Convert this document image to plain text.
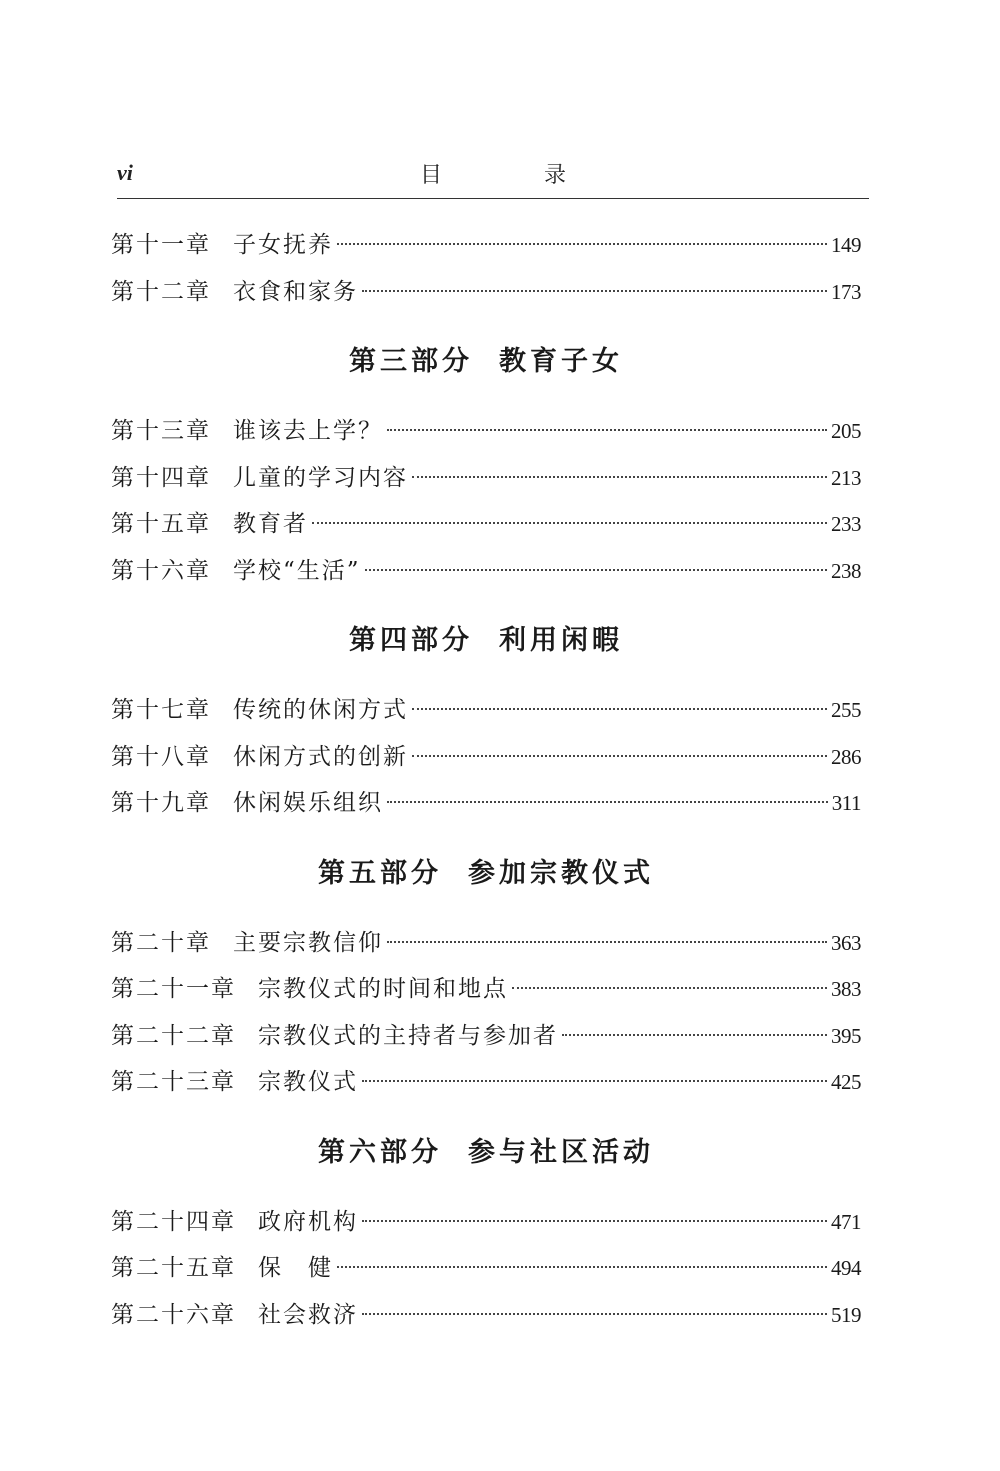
vi	目　录
第十一章 子女抚养	149
第十二章 衣食和家务	173
第三部分 教育子女
第十三章 谁该去上学？	205
第十四章 儿童的学习内容	213
第十五章 教育者	233
第十六章 学校“生活”	238
第四部分 利用闲暇
第十七章 传统的休闲方式	255
第十八章 休闲方式的创新	286
第十九章 休闲娱乐组织	311
第五部分 参加宗教仪式
第二十章 主要宗教信仰	363
第二十一章 宗教仪式的时间和地点	383
第二十二章 宗教仪式的主持者与参加者	395
第二十三章 宗教仪式	425
第六部分 参与社区活动
第二十四章 政府机构	471
第二十五章 保　健	494
第二十六章 社会救济	519
